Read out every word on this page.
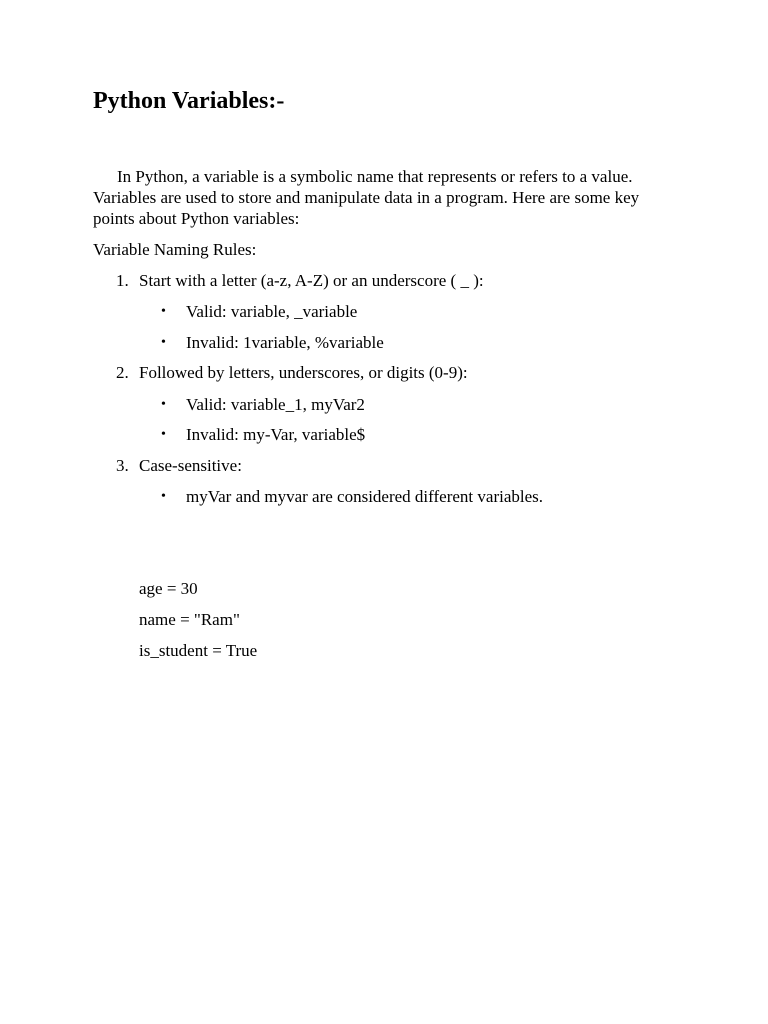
Python Variables:-

In Python, a variable is a symbolic name that represents or refers to a value. Variables are used to store and manipulate data in a program. Here are some key points about Python variables:

Variable Naming Rules:

1. Start with a letter (a-z, A-Z) or an underscore ( _ ):
• Valid: variable, _variable
• Invalid: 1variable, %variable
2. Followed by letters, underscores, or digits (0-9):
• Valid: variable_1, myVar2
• Invalid: my-Var, variable$
3. Case-sensitive:
• myVar and myvar are considered different variables.
age = 30
name = "Ram"
is_student = True
